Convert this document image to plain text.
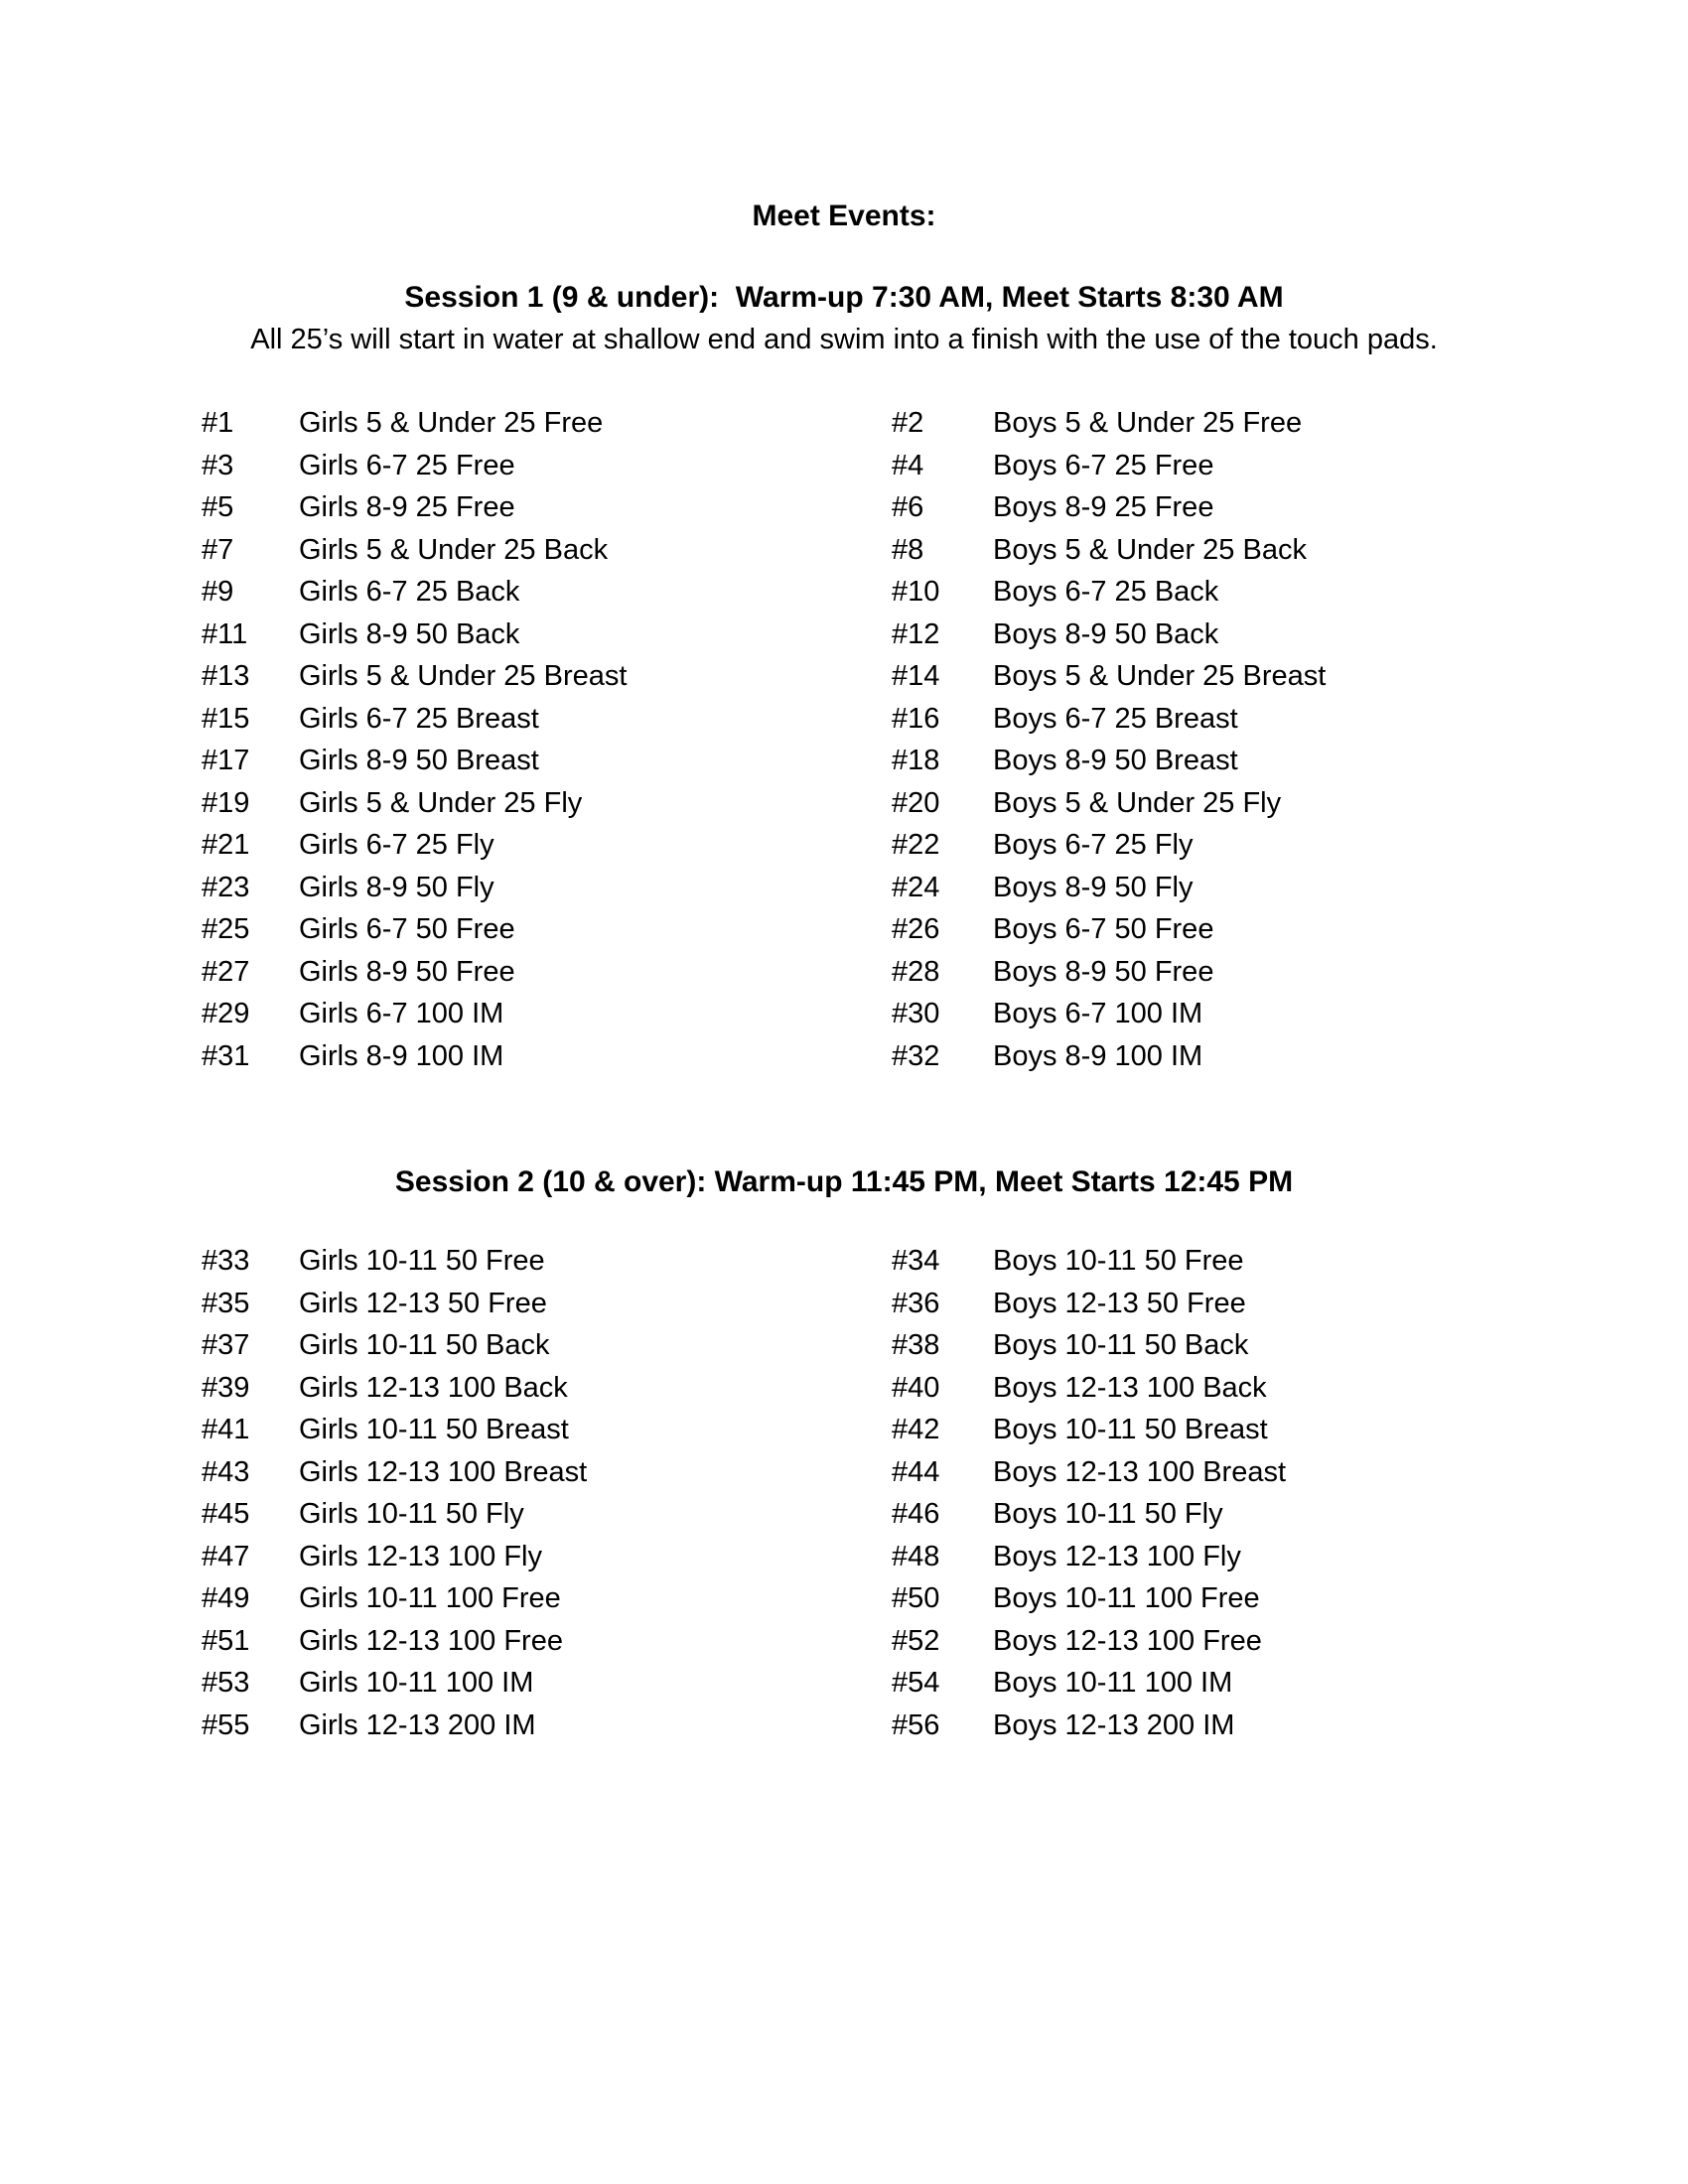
Meet Events:
Session 1 (9 & under):  Warm-up 7:30 AM, Meet Starts 8:30 AM

All 25’s will start in water at shallow end and swim into a finish with the use of the touch pads.

#1	Girls 5 & Under 25 Free	#2	Boys 5 & Under 25 Free
#3	Girls 6-7 25 Free	#4	Boys 6-7 25 Free
#5	Girls 8-9 25 Free	#6	Boys 8-9 25 Free
#7	Girls 5 & Under 25 Back	#8	Boys 5 & Under 25 Back
#9	Girls 6-7 25 Back	#10	Boys 6-7 25 Back
#11	Girls 8-9 50 Back	#12	Boys 8-9 50 Back
#13	Girls 5 & Under 25 Breast	#14	Boys 5 & Under 25 Breast
#15	Girls 6-7 25 Breast	#16	Boys 6-7 25 Breast
#17	Girls 8-9 50 Breast	#18	Boys 8-9 50 Breast
#19	Girls 5 & Under 25 Fly	#20	Boys 5 & Under 25 Fly
#21	Girls 6-7 25 Fly	#22	Boys 6-7 25 Fly
#23	Girls 8-9 50 Fly	#24	Boys 8-9 50 Fly
#25	Girls 6-7 50 Free	#26	Boys 6-7 50 Free
#27	Girls 8-9 50 Free	#28	Boys 8-9 50 Free
#29	Girls 6-7 100 IM	#30	Boys 6-7 100 IM
#31	Girls 8-9 100 IM	#32	Boys 8-9 100 IM
Session 2 (10 & over): Warm-up 11:45 PM, Meet Starts 12:45 PM
#33	Girls 10-11 50 Free	#34	Boys 10-11 50 Free
#35	Girls 12-13 50 Free	#36	Boys 12-13 50 Free
#37	Girls 10-11 50 Back	#38	Boys 10-11 50 Back
#39	Girls 12-13 100 Back	#40	Boys 12-13 100 Back
#41	Girls 10-11 50 Breast	#42	Boys 10-11 50 Breast
#43	Girls 12-13 100 Breast	#44	Boys 12-13 100 Breast
#45	Girls 10-11 50 Fly	#46	Boys 10-11 50 Fly
#47	Girls 12-13 100 Fly	#48	Boys 12-13 100 Fly
#49	Girls 10-11 100 Free	#50	Boys 10-11 100 Free
#51	Girls 12-13 100 Free	#52	Boys 12-13 100 Free
#53	Girls 10-11 100 IM	#54	Boys 10-11 100 IM
#55	Girls 12-13 200 IM	#56	Boys 12-13 200 IM
